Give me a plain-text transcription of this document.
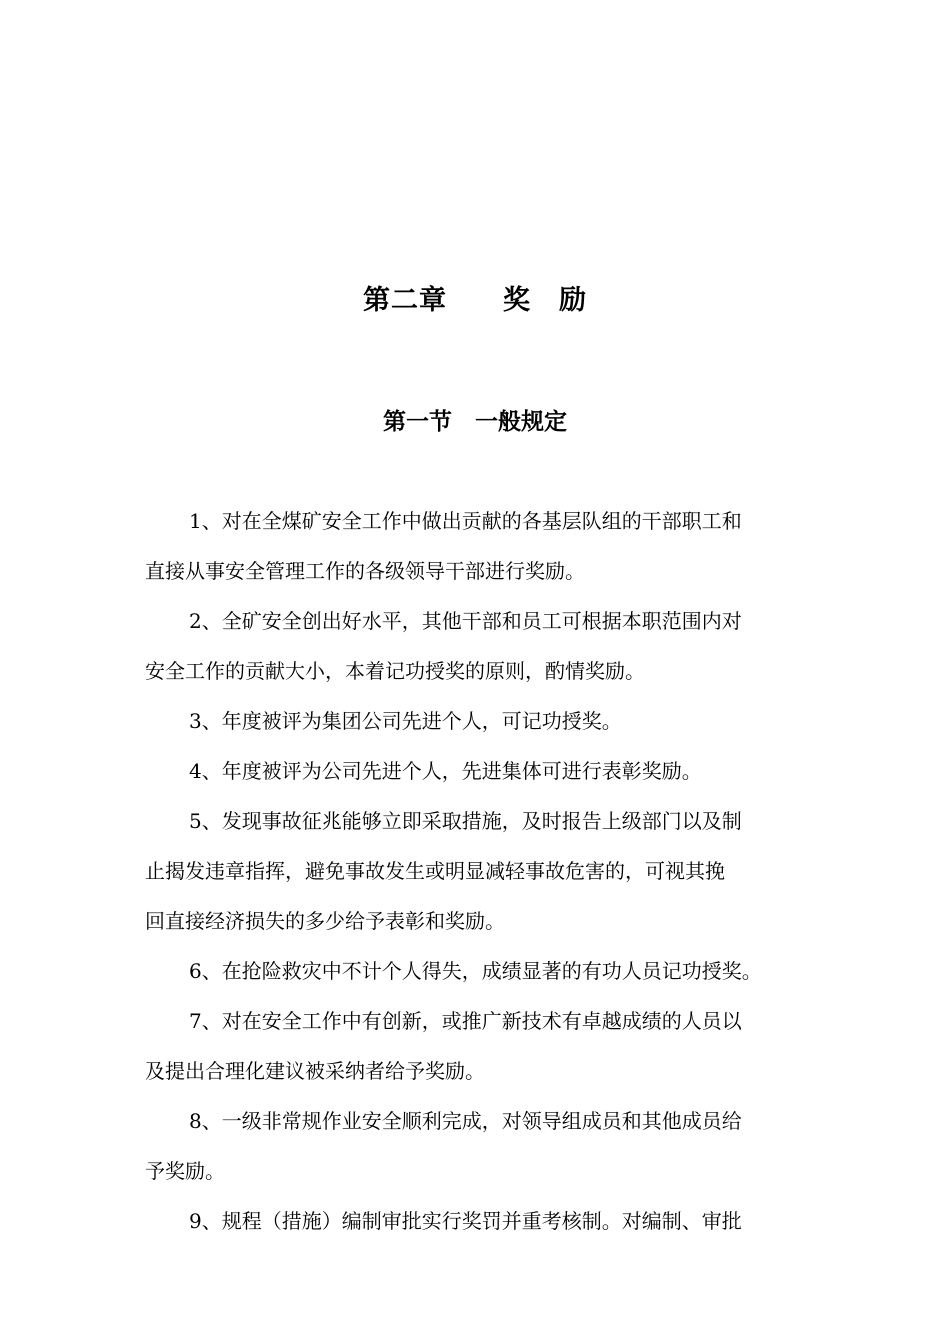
第二章　　奖　励
第一节　一般规定
1、对在全煤矿安全工作中做出贡献的各基层队组的干部职工和
直接从事安全管理工作的各级领导干部进行奖励。
2、全矿安全创出好水平，其他干部和员工可根据本职范围内对
安全工作的贡献大小，本着记功授奖的原则，酌情奖励。
3、年度被评为集团公司先进个人，可记功授奖。
4、年度被评为公司先进个人，先进集体可进行表彰奖励。
5、发现事故征兆能够立即采取措施，及时报告上级部门以及制
止揭发违章指挥，避免事故发生或明显减轻事故危害的，可视其挽
回直接经济损失的多少给予表彰和奖励。
6、在抢险救灾中不计个人得失，成绩显著的有功人员记功授奖。
7、对在安全工作中有创新，或推广新技术有卓越成绩的人员以
及提出合理化建议被采纳者给予奖励。
8、一级非常规作业安全顺利完成，对领导组成员和其他成员给
予奖励。
9、规程（措施）编制审批实行奖罚并重考核制。对编制、审批
